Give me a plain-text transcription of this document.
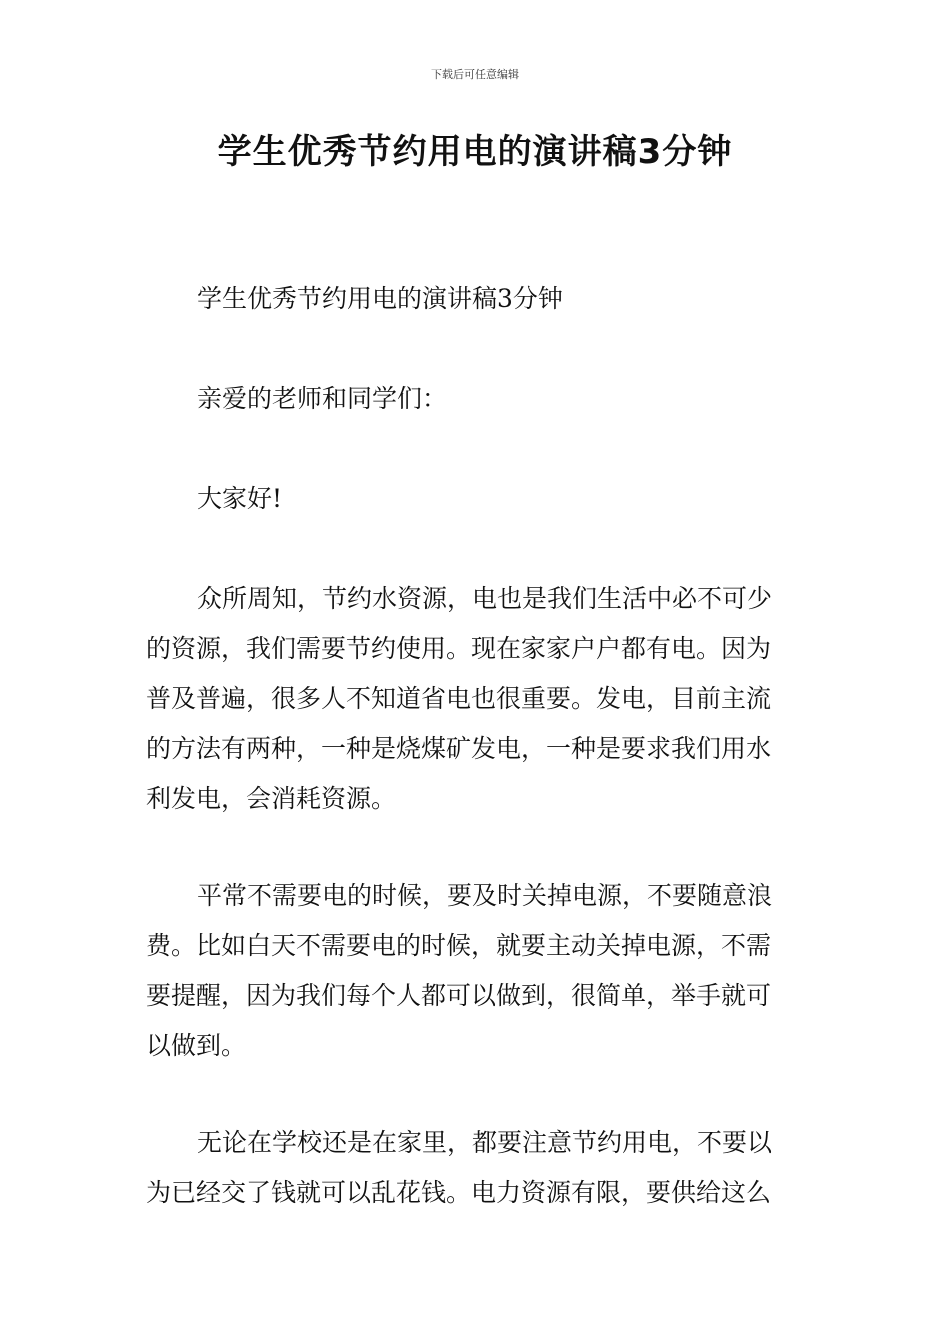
下载后可任意编辑
学生优秀节约用电的演讲稿3分钟

学生优秀节约用电的演讲稿3分钟

亲爱的老师和同学们：

大家好!

众所周知，节约水资源，电也是我们生活中必不可少
的资源，我们需要节约使用。现在家家户户都有电。因为
普及普遍，很多人不知道省电也很重要。发电，目前主流
的方法有两种，一种是烧煤矿发电，一种是要求我们用水
利发电，会消耗资源。

平常不需要电的时候，要及时关掉电源，不要随意浪
费。比如白天不需要电的时候，就要主动关掉电源，不需
要提醒，因为我们每个人都可以做到，很简单，举手就可
以做到。

无论在学校还是在家里，都要注意节约用电，不要以
为已经交了钱就可以乱花钱。电力资源有限，要供给这么
